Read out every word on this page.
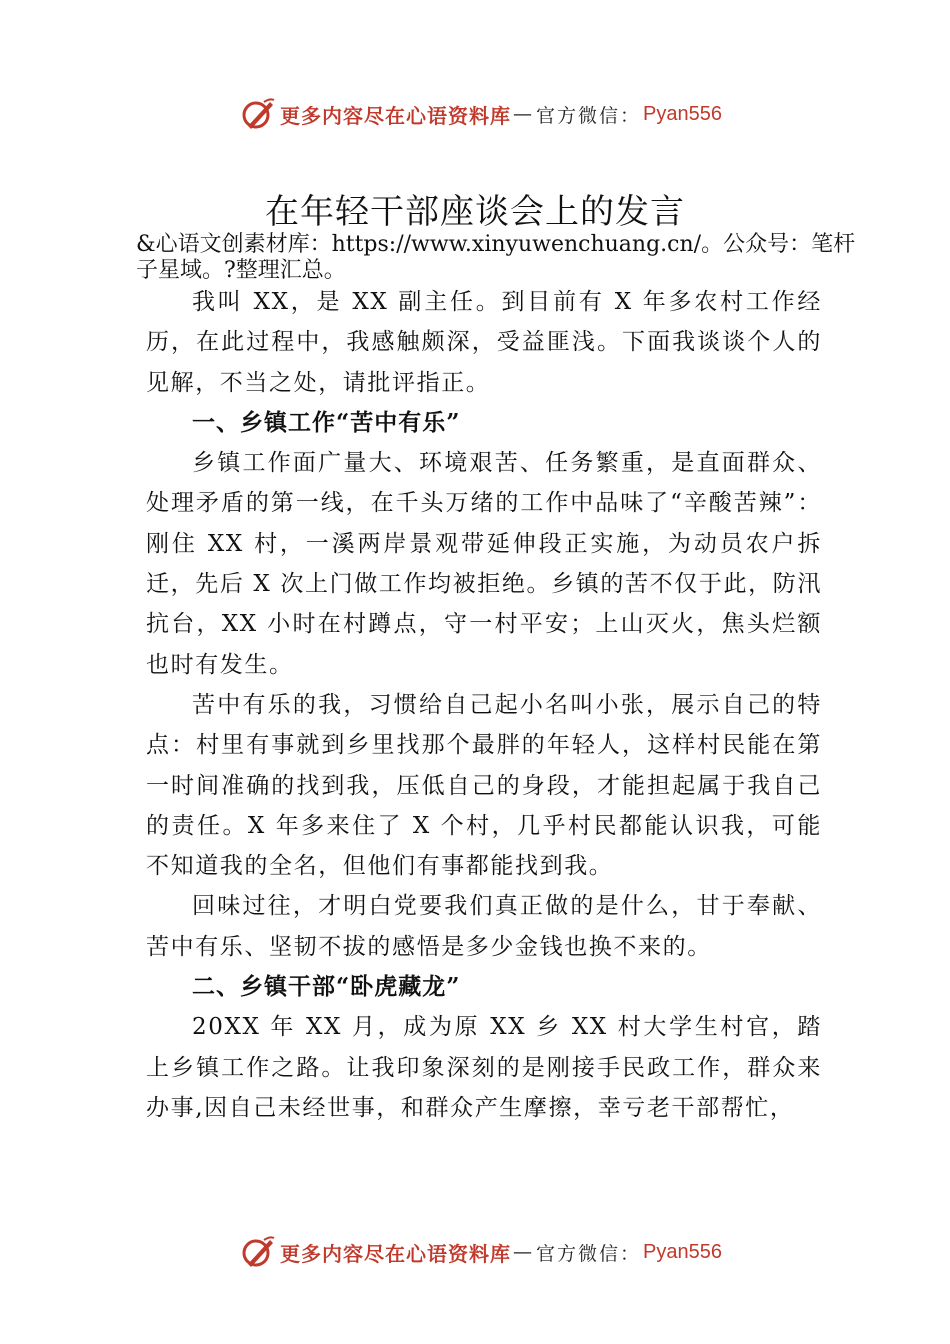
更多内容尽在心语资料库 — 官方微信： Pyan556
在年轻干部座谈会上的发言

&心语文创素材库：https://www.xinyuwenchuang.cn/。公众号：笔杆子星域。?整理汇总。

我叫 XX，是 XX 副主任。到目前有 X 年多农村工作经历，在此过程中，我感触颇深，受益匪浅。下面我谈谈个人的见解，不当之处，请批评指正。

一、乡镇工作“苦中有乐”

乡镇工作面广量大、环境艰苦、任务繁重，是直面群众、处理矛盾的第一线，在千头万绪的工作中品味了“辛酸苦辣”：刚住 XX 村，一溪两岸景观带延伸段正实施，为动员农户拆迁，先后 X 次上门做工作均被拒绝。乡镇的苦不仅于此，防汛抗台，XX 小时在村蹲点，守一村平安；上山灭火，焦头烂额也时有发生。

苦中有乐的我，习惯给自己起小名叫小张，展示自己的特点：村里有事就到乡里找那个最胖的年轻人，这样村民能在第一时间准确的找到我，压低自己的身段，才能担起属于我自己的责任。X 年多来住了 X 个村，几乎村民都能认识我，可能不知道我的全名，但他们有事都能找到我。

回味过往，才明白党要我们真正做的是什么，甘于奉献、苦中有乐、坚韧不拔的感悟是多少金钱也换不来的。

二、乡镇干部“卧虎藏龙”

20XX 年 XX 月，成为原 XX 乡 XX 村大学生村官，踏上乡镇工作之路。让我印象深刻的是刚接手民政工作，群众来办事,因自己未经世事，和群众产生摩擦，幸亏老干部帮忙，

更多内容尽在心语资料库 — 官方微信： Pyan556
